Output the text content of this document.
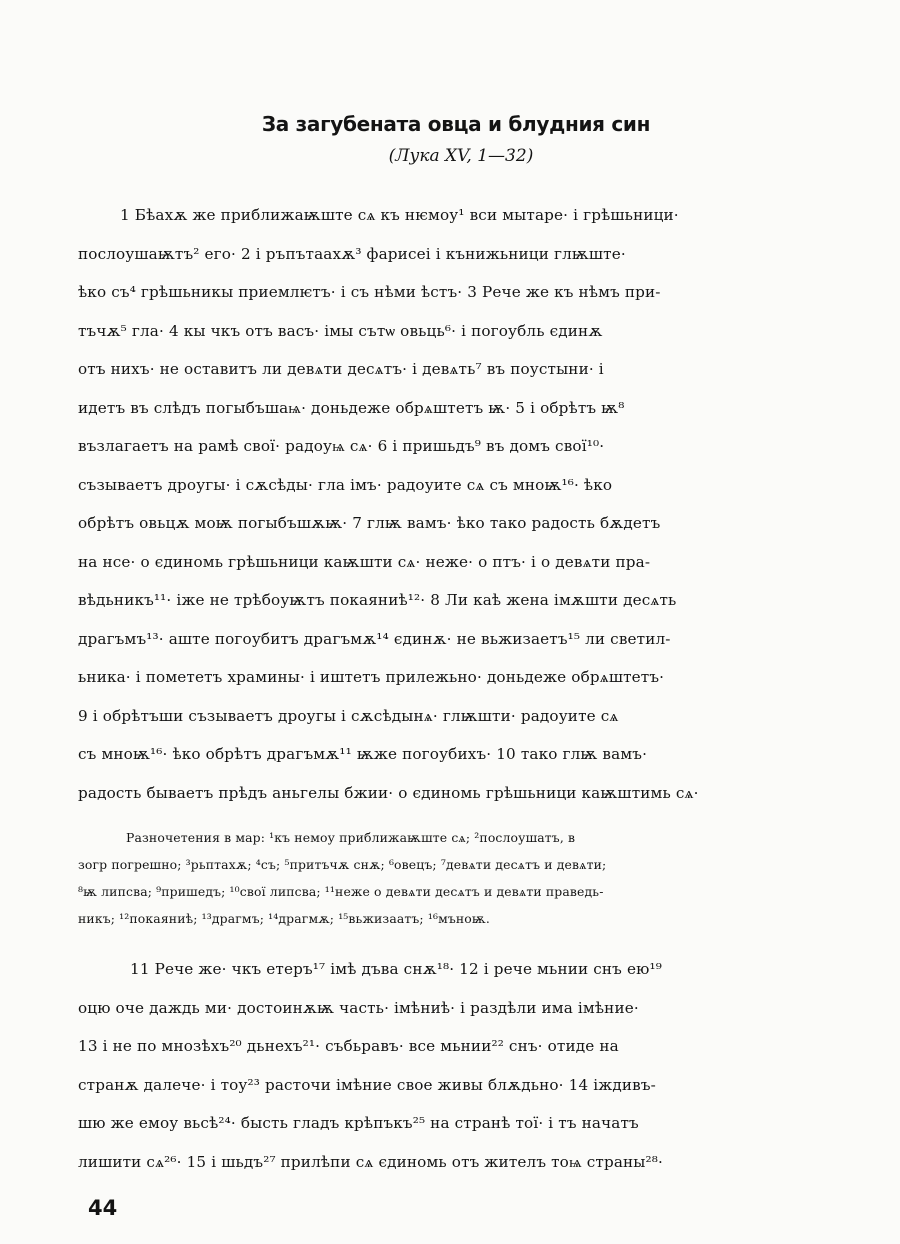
За загубената овца и блудния син
(Лука XV, 1—32)
1 Бѣахѫ же приближаѭште сѧ къ нѥмоу¹ вси мытаре· і грѣшьници·
послоушаѭтъ² его· 2 і ръпътаахѫ³ фарисеі і кънижьници глѭште·
ѣко съ⁴ грѣшьникы приемлѥтъ· і съ нѣми ѣстъ· 3 Рече же къ нѣмъ при-
тъчѫ⁵ гла· 4 кы чкъ отъ васъ· імы сътѡ овьць⁶· і погоубль єдинѫ
отъ нихъ· не оставитъ ли девѧти десѧтъ· і девѧть⁷ въ поустыни· і
идетъ въ слѣдъ погыбъшаѩ· доньдеже обрѧштетъ ѭ· 5 і обрѣтъ ѭ⁸
възлагаетъ на рамѣ свої· радоуѩ сѧ· 6 і пришьдъ⁹ въ домъ свої¹⁰·
съзываетъ дроугы· і сѫсѣды· гла імъ· радоуите сѧ съ мноѭ¹⁶· ѣко
обрѣтъ овьцѫ моѭ погыбъшѫѭ· 7 глѭ вамъ· ѣко тако радость бѫдетъ
на нсе· о єдиномь грѣшьници каѭшти сѧ· неже· о птъ· і о девѧти пра-
вѣдьникъ¹¹· іже не трѣбоуѭтъ покаяниѣ¹²· 8 Ли каѣ жена імѫшти десѧть
драгъмъ¹³· аште погоубитъ драгъмѫ¹⁴ єдинѫ· не вьжизаетъ¹⁵ ли светил-
ьника· і помететъ храмины· і иштетъ прилежьно· доньдеже обрѧштетъ·
9 і обрѣтъши съзываетъ дроугы і сѫсѣдынѧ· глѭшти· радоуите сѧ
съ мноѭ¹⁶· ѣко обрѣтъ драгъмѫ¹¹ ѭже погоубихъ· 10 тако глѭ вамъ·
радость бываетъ прѣдъ аньгелы бжии· о єдиномь грѣшьници каѭштимь сѧ·
Разночетения в мар: ¹къ немоу приближаѭште сѧ; ²послоушатъ, в
зогр погрешно; ³рьптахѫ; ⁴съ; ⁵притъчѫ снѫ; ⁶овецъ; ⁷девѧти десѧтъ и девѧти;
⁸ѭ липсва; ⁹пришедъ; ¹⁰свої липсва; ¹¹неже о девѧти десѧтъ и девѧти праведь-
никъ; ¹²покаяниѣ; ¹³драгмъ; ¹⁴драгмѫ; ¹⁵вьжизаатъ; ¹⁶мъноѭ.
11 Рече же· чкъ етеръ¹⁷ імѣ дъва снѫ¹⁸· 12 і рече мьнии снъ ею¹⁹
оцю оче даждь ми· достоинѫѭ часть· імѣниѣ· і раздѣли има імѣние·
13 і не по мнозѣхъ²⁰ дьнехъ²¹· събьравъ· все мьнии²² снъ· отиде на
странѫ далече· і тоу²³ расточи імѣние свое живы блѫдьно· 14 іждивъ-
шю же емоу вьсѣ²⁴· бысть гладъ крѣпъкъ²⁵ на странѣ тої· і тъ начатъ
лишити сѧ²⁶· 15 і шьдъ²⁷ прилѣпи сѧ єдиномь отъ жителъ тоѩ страны²⁸·
44
